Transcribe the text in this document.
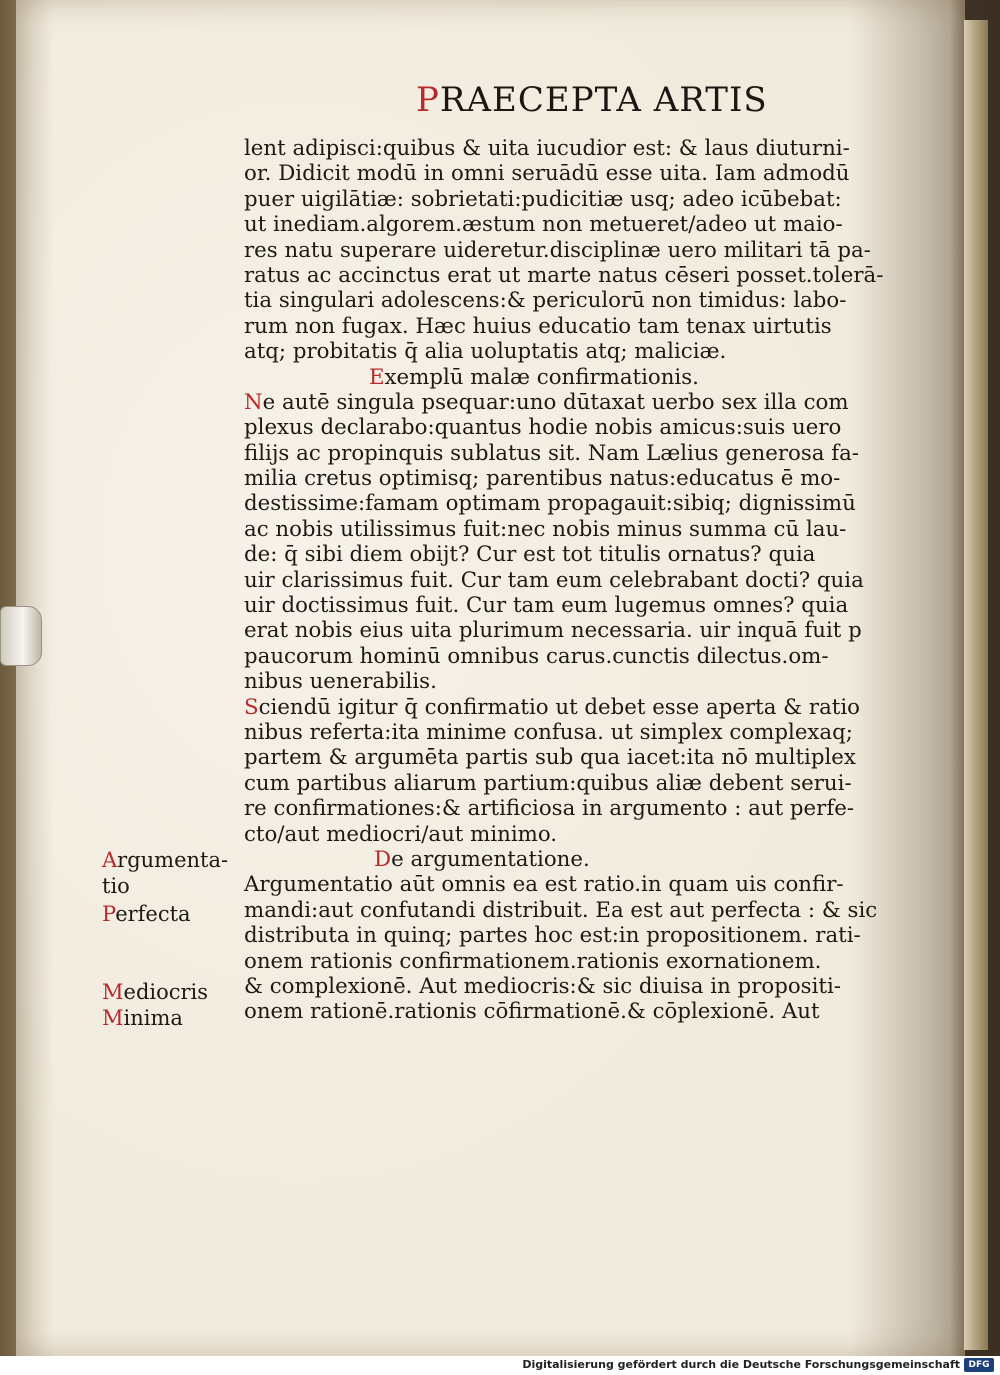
PRAECEPTA ARTIS
lent adipisci:quibus & uita iucudior est: & laus diuturni-
or. Didicit modū in omni seruādū esse uita. Iam admodū
puer uigilātiæ: sobrietati:pudicitiæ usq; adeo icūbebat:
ut inediam.algorem.æstum non metueret/adeo ut maio-
res natu superare uideretur.disciplinæ uero militari tā pa-
ratus ac accinctus erat ut marte natus cēseri posset.tolerā-
tia singulari adolescens:& periculorū non timidus: labo-
rum non fugax. Hæc huius educatio tam tenax uirtutis
atq; probitatis q̄ alia uoluptatis atq; maliciæ.
Exemplū malæ confirmationis.
Ne autē singula psequar:uno dūtaxat uerbo sex illa com
plexus declarabo:quantus hodie nobis amicus:suis uero
filijs ac propinquis sublatus sit. Nam Lælius generosa fa-
milia cretus optimisq; parentibus natus:educatus ē mo-
destissime:famam optimam propagauit:sibiq; dignissimū
ac nobis utilissimus fuit:nec nobis minus summa cū lau-
de: q̄ sibi diem obijt? Cur est tot titulis ornatus? quia
uir clarissimus fuit. Cur tam eum celebrabant docti? quia
uir doctissimus fuit. Cur tam eum lugemus omnes? quia
erat nobis eius uita plurimum necessaria. uir inquā fuit p
paucorum hominū omnibus carus.cunctis dilectus.om-
nibus uenerabilis.
Sciendū igitur q̄ confirmatio ut debet esse aperta & ratio
nibus referta:ita minime confusa. ut simplex complexaq;
partem & argumēta partis sub qua iacet:ita nō multiplex
cum partibus aliarum partium:quibus aliæ debent serui-
re confirmationes:& artificiosa in argumento : aut perfe-
cto/aut mediocri/aut minimo.
De argumentatione.
Argumentatio aūt omnis ea est ratio.in quam uis confir-
mandi:aut confutandi distribuit. Ea est aut perfecta : & sic
distributa in quinq; partes hoc est:in propositionem. rati-
onem rationis confirmationem.rationis exornationem.
& complexionē. Aut mediocris:& sic diuisa in propositi-
onem rationē.rationis cōfirmationē.& cōplexionē. Aut
Argumenta-
tio
Perfecta
Mediocris
Minima
Digitalisierung gefördert durch die Deutsche Forschungsgemeinschaft DFG
